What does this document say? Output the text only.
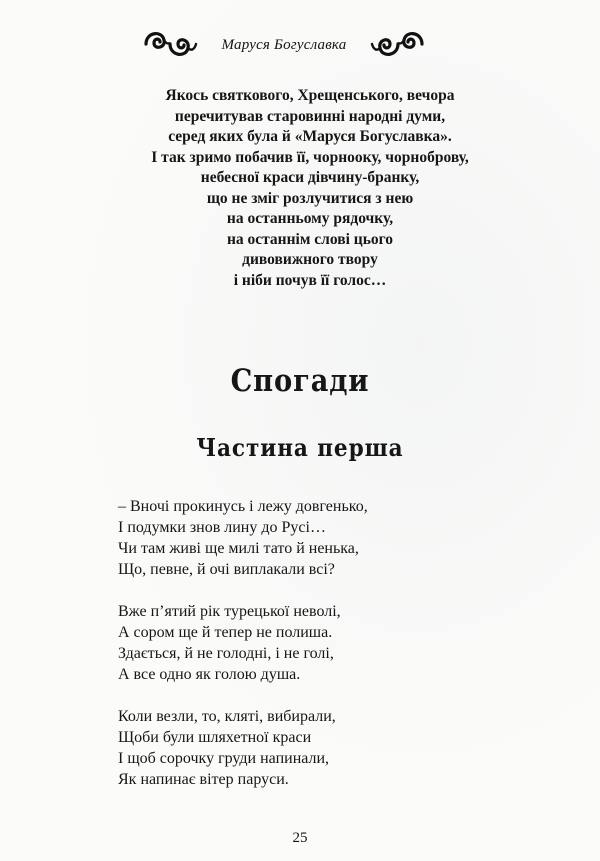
Маруся Богуславка
Якось святкового, Хрещенського, вечора
перечитував старовинні народні думи,
серед яких була й «Маруся Богуславка».
І так зримо побачив її, чорнооку, чорноброву,
небесної краси дівчину-бранку,
що не зміг розлучитися з нею
на останньому рядочку,
на останнім слові цього
дивовижного твору
і ніби почув її голос…
Спогади
Частина перша
– Вночі прокинусь і лежу довгенько,
І подумки знов лину до Русі…
Чи там живі ще милі тато й ненька,
Що, певне, й очі виплакали всі?
Вже п’ятий рік турецької неволі,
А сором ще й тепер не полиша.
Здається, й не голодні, і не голі,
А все одно як голою душа.
Коли везли, то, кляті, вибирали,
Щоби були шляхетної краси
І щоб сорочку груди напинали,
Як напинає вітер паруси.
25
